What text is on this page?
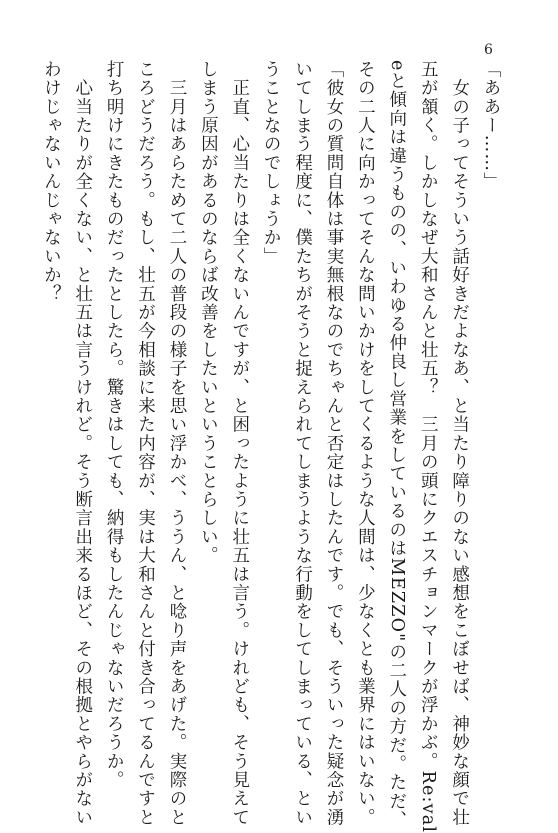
6

「ああー……」

　女の子ってそういう話好きだよなあ、と当たり障りのない感想をこぼせば、神妙な顔で壮

五が頷く。しかしなぜ大和さんと壮五？　三月の頭にクエスチョンマークが浮かぶ。Re:val

eと傾向は違うものの、いわゆる仲良し営業をしているのはMEZZO"の二人の方だ。ただ、

その二人に向かってそんな問いかけをしてくるような人間は、少なくとも業界にはいない。

「彼女の質問自体は事実無根なのでちゃんと否定はしたんです。でも、そういった疑念が湧

いてしまう程度に、僕たちがそうと捉えられてしまうような行動をしてしまっている、とい

うことなのでしょうか」

　正直、心当たりは全くないんですが、と困ったように壮五は言う。けれども、そう見えて

しまう原因があるのならば改善をしたいということらしい。

　三月はあらためて二人の普段の様子を思い浮かべ、ううん、と唸り声をあげた。実際のと

ころどうだろう。もし、壮五が今相談に来た内容が、実は大和さんと付き合ってるんですと

打ち明けにきたものだったとしたら。驚きはしても、納得もしたんじゃないだろうか。

　心当たりが全くない、と壮五は言うけれど。そう断言出来るほど、その根拠とやらがない

わけじゃないんじゃないか？
